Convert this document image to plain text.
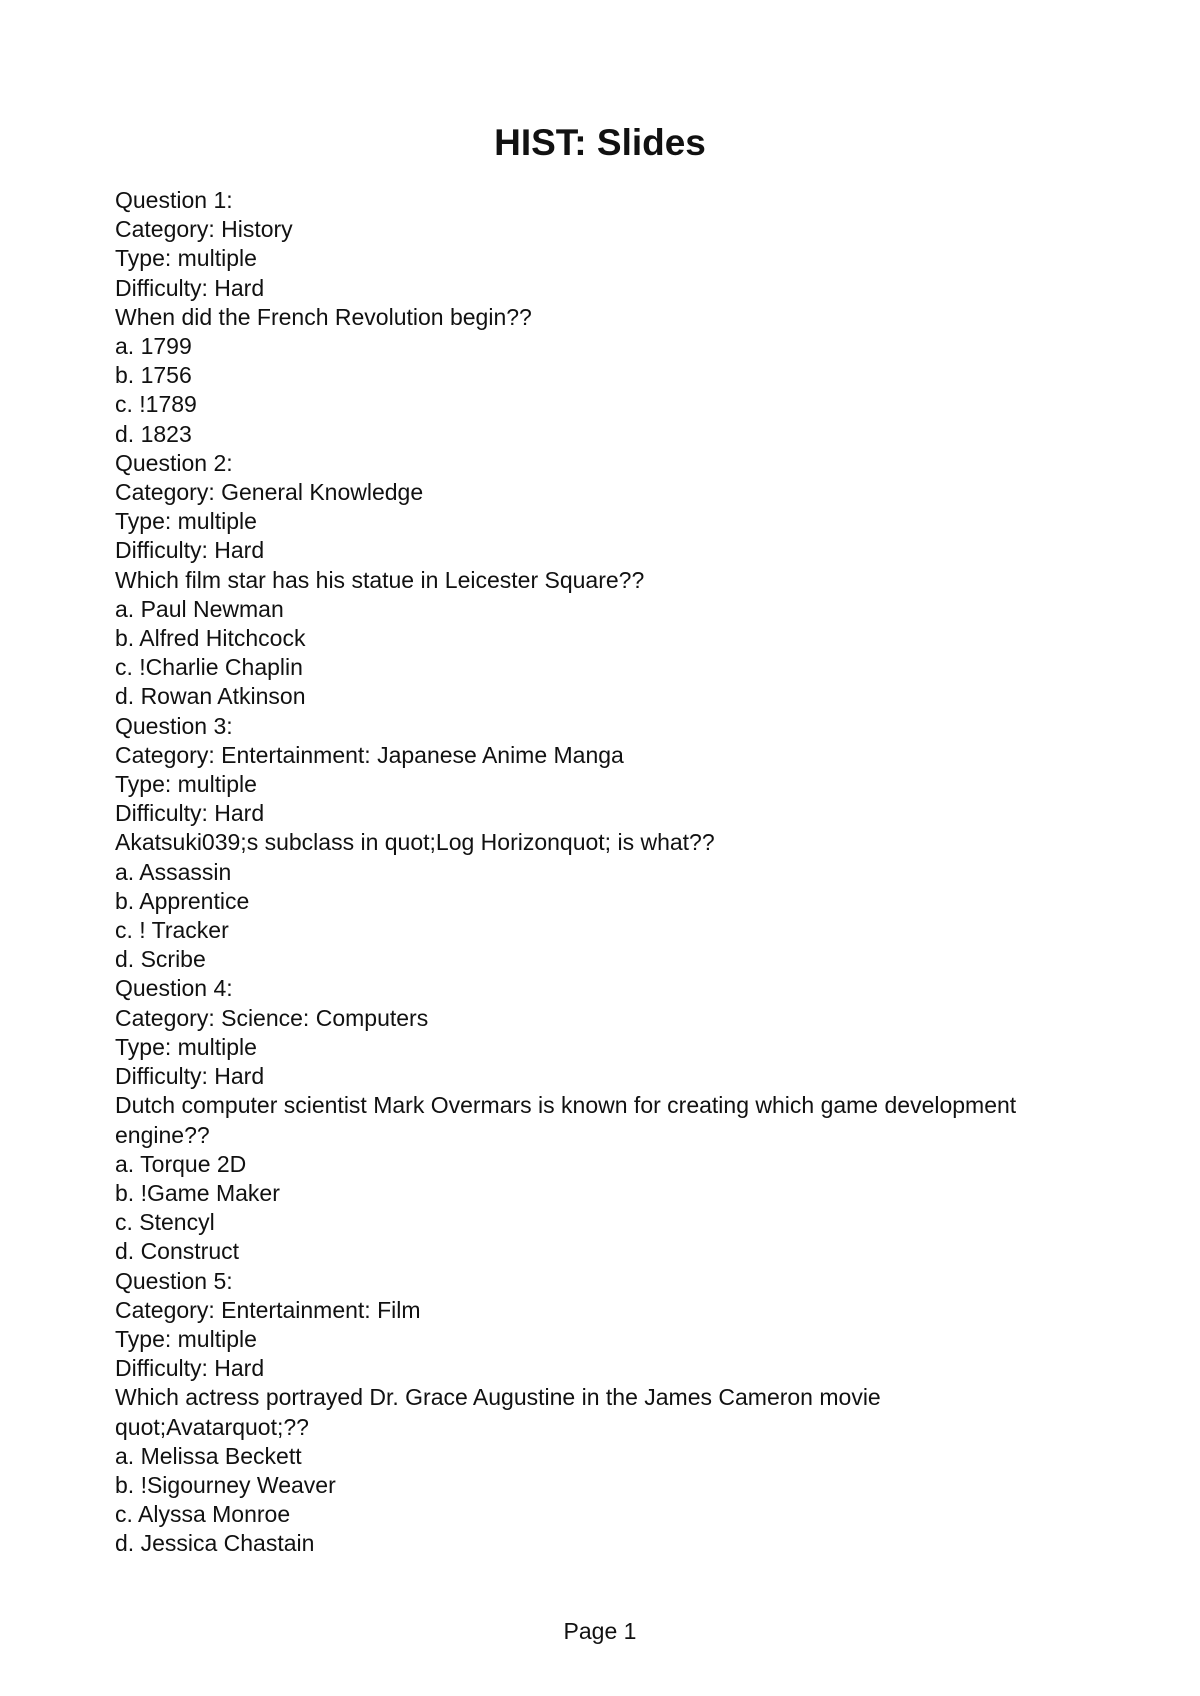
HIST: Slides

Question 1:

Category: History

Type: multiple

Difficulty: Hard

When did the French Revolution begin??

a. 1799

b. 1756

c. !1789

d. 1823

Question 2:

Category: General Knowledge

Type: multiple

Difficulty: Hard

Which film star has his statue in Leicester Square??

a. Paul Newman

b. Alfred Hitchcock

c. !Charlie Chaplin

d. Rowan Atkinson

Question 3:

Category: Entertainment: Japanese Anime Manga

Type: multiple

Difficulty: Hard

Akatsuki039;s subclass in quot;Log Horizonquot; is what??

a. Assassin

b. Apprentice

c. ! Tracker

d. Scribe

Question 4:

Category: Science: Computers

Type: multiple

Difficulty: Hard

Dutch computer scientist Mark Overmars is known for creating which game development engine??

a. Torque 2D

b. !Game Maker

c. Stencyl

d. Construct

Question 5:

Category: Entertainment: Film

Type: multiple

Difficulty: Hard

Which actress portrayed Dr. Grace Augustine in the James Cameron movie quot;Avatarquot;??

a. Melissa Beckett

b. !Sigourney Weaver

c. Alyssa Monroe

d. Jessica Chastain

Page 1
